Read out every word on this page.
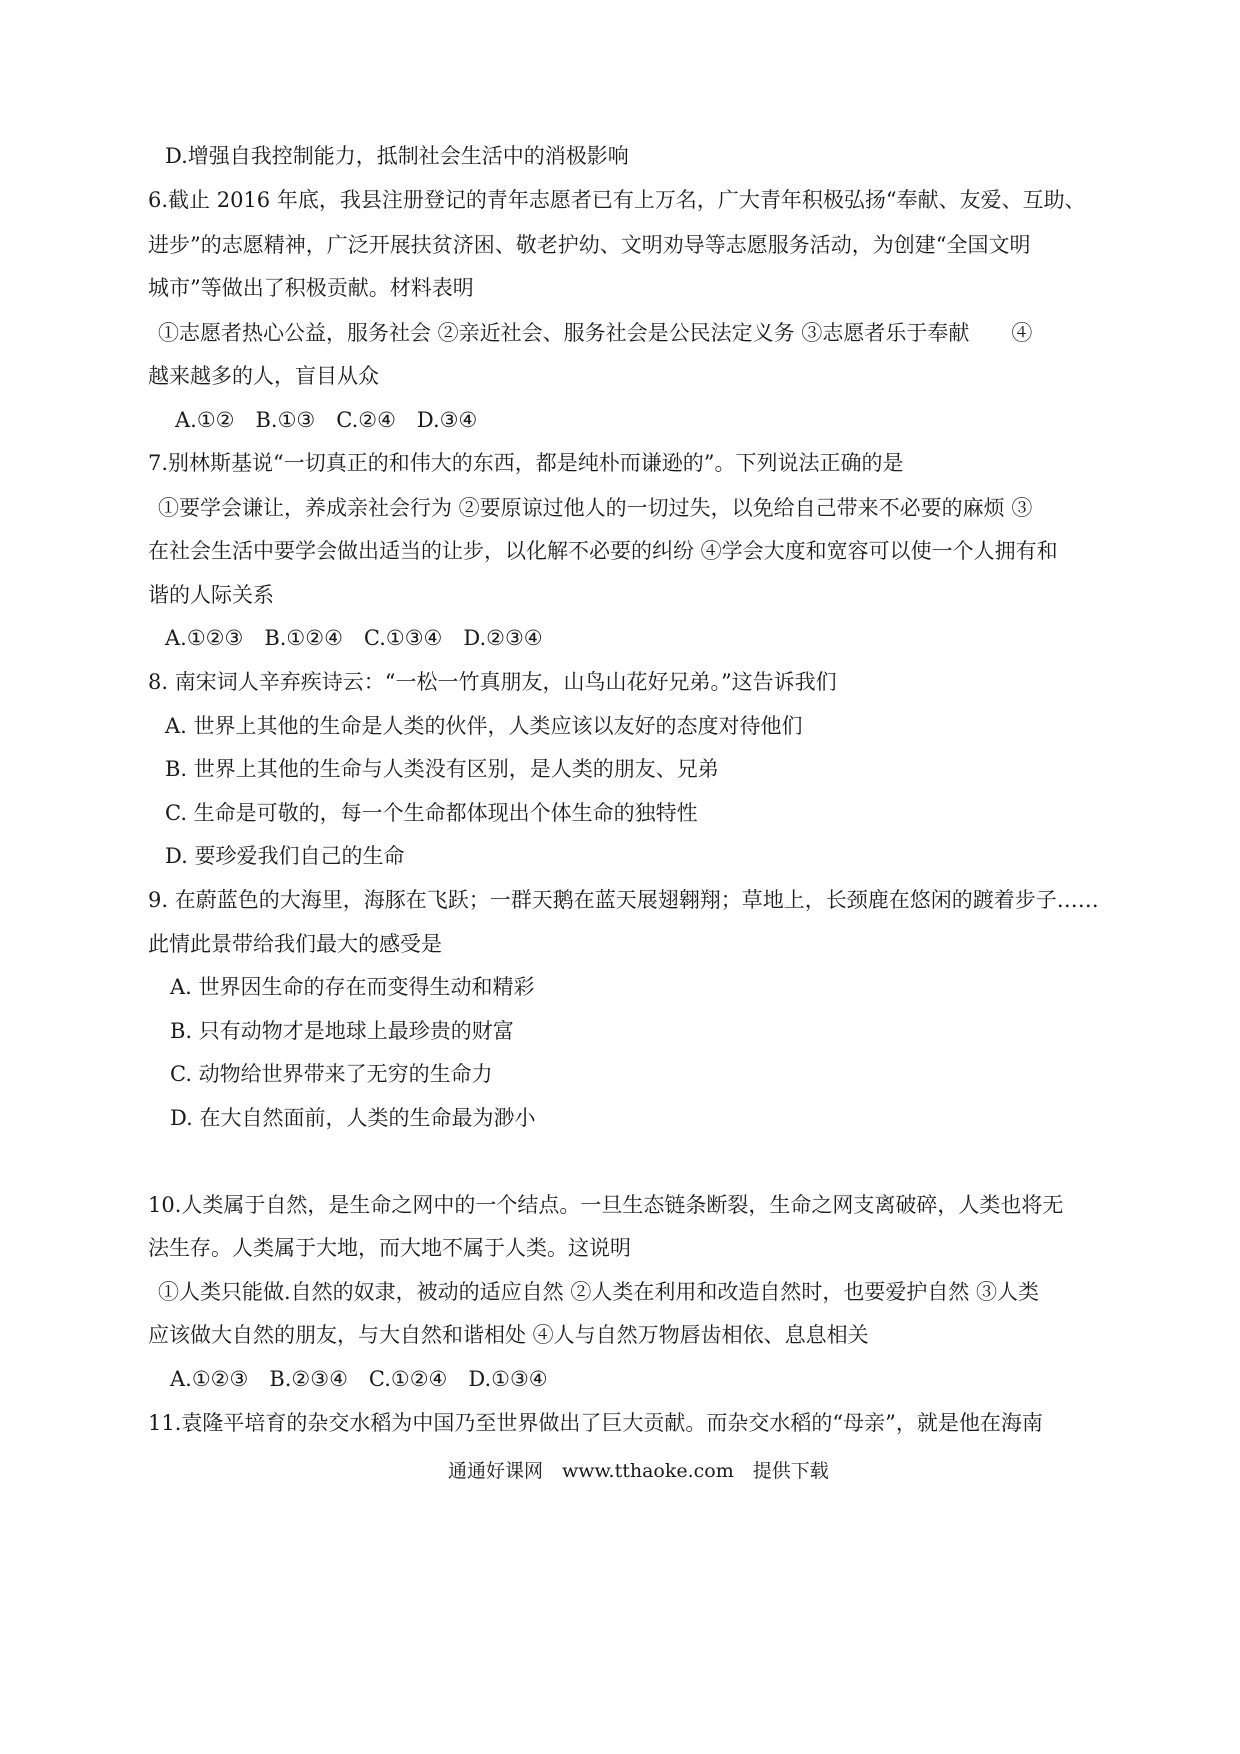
D.增强自我控制能力，抵制社会生活中的消极影响
6.截止 2016 年底，我县注册登记的青年志愿者已有上万名，广大青年积极弘扬“奉献、友爱、互助、
进步”的志愿精神，广泛开展扶贫济困、敬老护幼、文明劝导等志愿服务活动，为创建“全国文明
城市”等做出了积极贡献。材料表明
①志愿者热心公益，服务社会 ②亲近社会、服务社会是公民法定义务 ③志愿者乐于奉献　　④
越来越多的人，盲目从众
A.①②　B.①③　C.②④　D.③④
7.别林斯基说“一切真正的和伟大的东西，都是纯朴而谦逊的”。下列说法正确的是
①要学会谦让，养成亲社会行为 ②要原谅过他人的一切过失，以免给自己带来不必要的麻烦 ③
在社会生活中要学会做出适当的让步，以化解不必要的纠纷 ④学会大度和宽容可以使一个人拥有和
谐的人际关系
A.①②③　B.①②④　C.①③④　D.②③④
8. 南宋词人辛弃疾诗云：“一松一竹真朋友，山鸟山花好兄弟。”这告诉我们
A. 世界上其他的生命是人类的伙伴，人类应该以友好的态度对待他们
B. 世界上其他的生命与人类没有区别，是人类的朋友、兄弟
C. 生命是可敬的，每一个生命都体现出个体生命的独特性
D. 要珍爱我们自己的生命
9. 在蔚蓝色的大海里，海豚在飞跃；一群天鹅在蓝天展翅翱翔；草地上，长颈鹿在悠闲的踱着步子……
此情此景带给我们最大的感受是
A. 世界因生命的存在而变得生动和精彩
B. 只有动物才是地球上最珍贵的财富
C. 动物给世界带来了无穷的生命力
D. 在大自然面前，人类的生命最为渺小
10.人类属于自然，是生命之网中的一个结点。一旦生态链条断裂，生命之网支离破碎，人类也将无
法生存。人类属于大地，而大地不属于人类。这说明
①人类只能做.自然的奴隶，被动的适应自然 ②人类在利用和改造自然时，也要爱护自然 ③人类
应该做大自然的朋友，与大自然和谐相处 ④人与自然万物唇齿相依、息息相关
A.①②③　B.②③④　C.①②④　D.①③④
11.袁隆平培育的杂交水稻为中国乃至世界做出了巨大贡献。而杂交水稻的“母亲”，就是他在海南
通通好课网　www.tthaoke.com　提供下载
